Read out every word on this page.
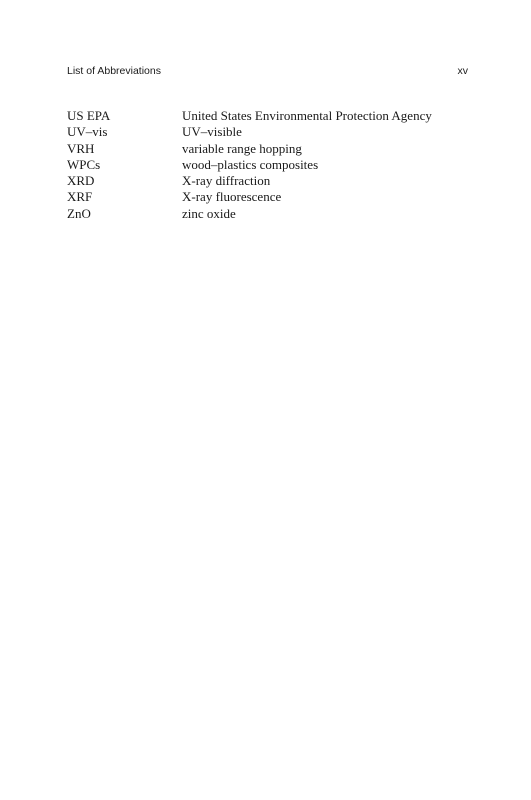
List of Abbreviations	xv
US EPA	United States Environmental Protection Agency
UV–vis	UV–visible
VRH	variable range hopping
WPCs	wood–plastics composites
XRD	X-ray diffraction
XRF	X-ray fluorescence
ZnO	zinc oxide
